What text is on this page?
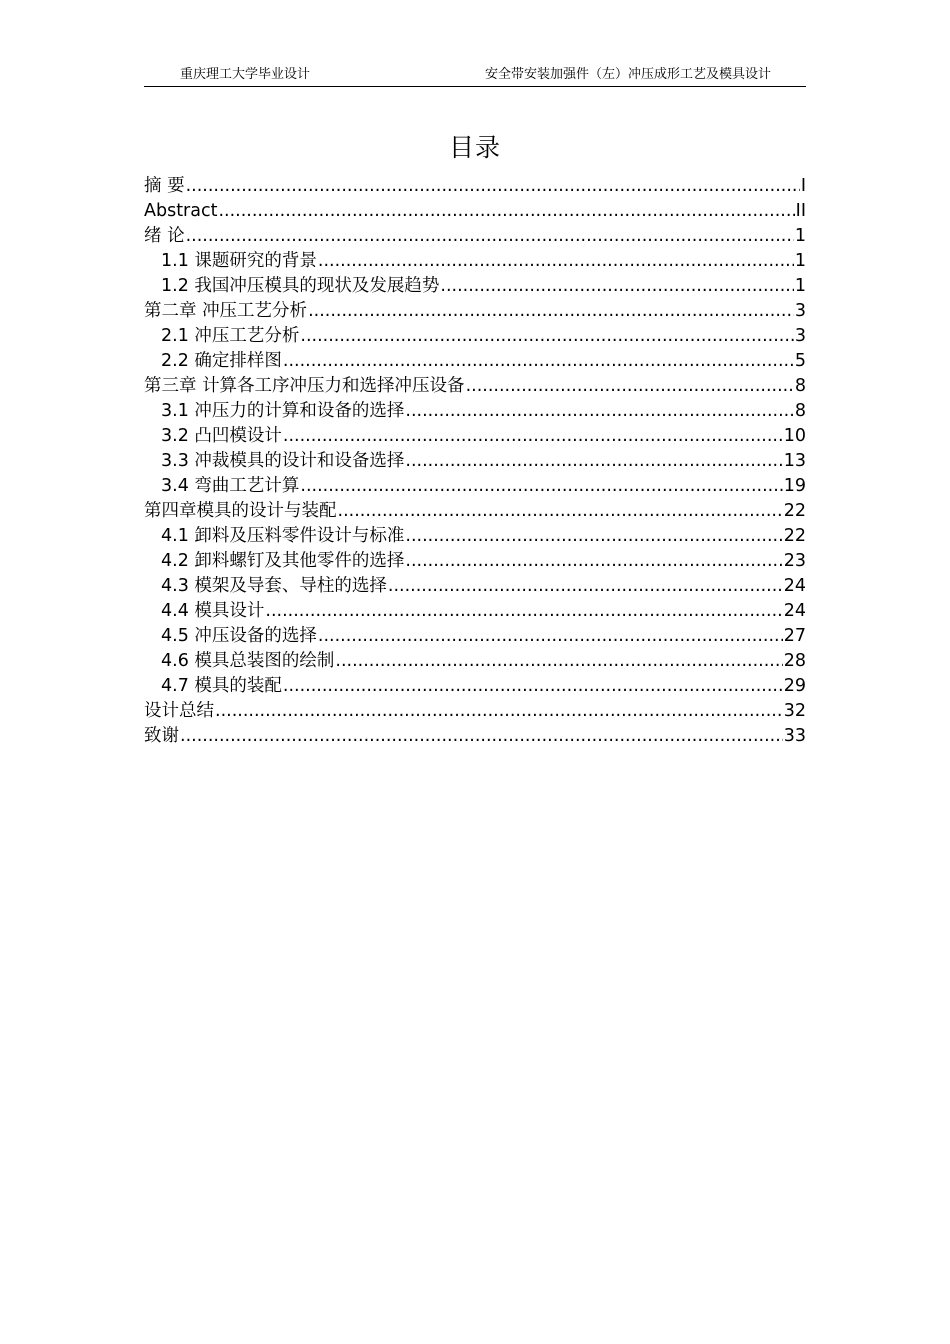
重庆理工大学毕业设计	安全带安装加强件（左）冲压成形工艺及模具设计
目录
摘 要 .....	I
Abstract .....	II
绪 论 .....	1
1.1 课题研究的背景 .....	1
1.2 我国冲压模具的现状及发展趋势 .....	1
第二章 冲压工艺分析 .....	3
2.1 冲压工艺分析 .....	3
2.2 确定排样图 .....	5
第三章 计算各工序冲压力和选择冲压设备 .....	8
3.1 冲压力的计算和设备的选择 .....	8
3.2 凸凹模设计 .....	10
3.3 冲裁模具的设计和设备选择 .....	13
3.4 弯曲工艺计算 .....	19
第四章模具的设计与装配 .....	22
4.1 卸料及压料零件设计与标准 .....	22
4.2 卸料螺钉及其他零件的选择 .....	23
4.3 模架及导套、导柱的选择 .....	24
4.4 模具设计 .....	24
4.5 冲压设备的选择 .....	27
4.6 模具总装图的绘制 .....	28
4.7 模具的装配 .....	29
设计总结 .....	32
致谢 .....	33
